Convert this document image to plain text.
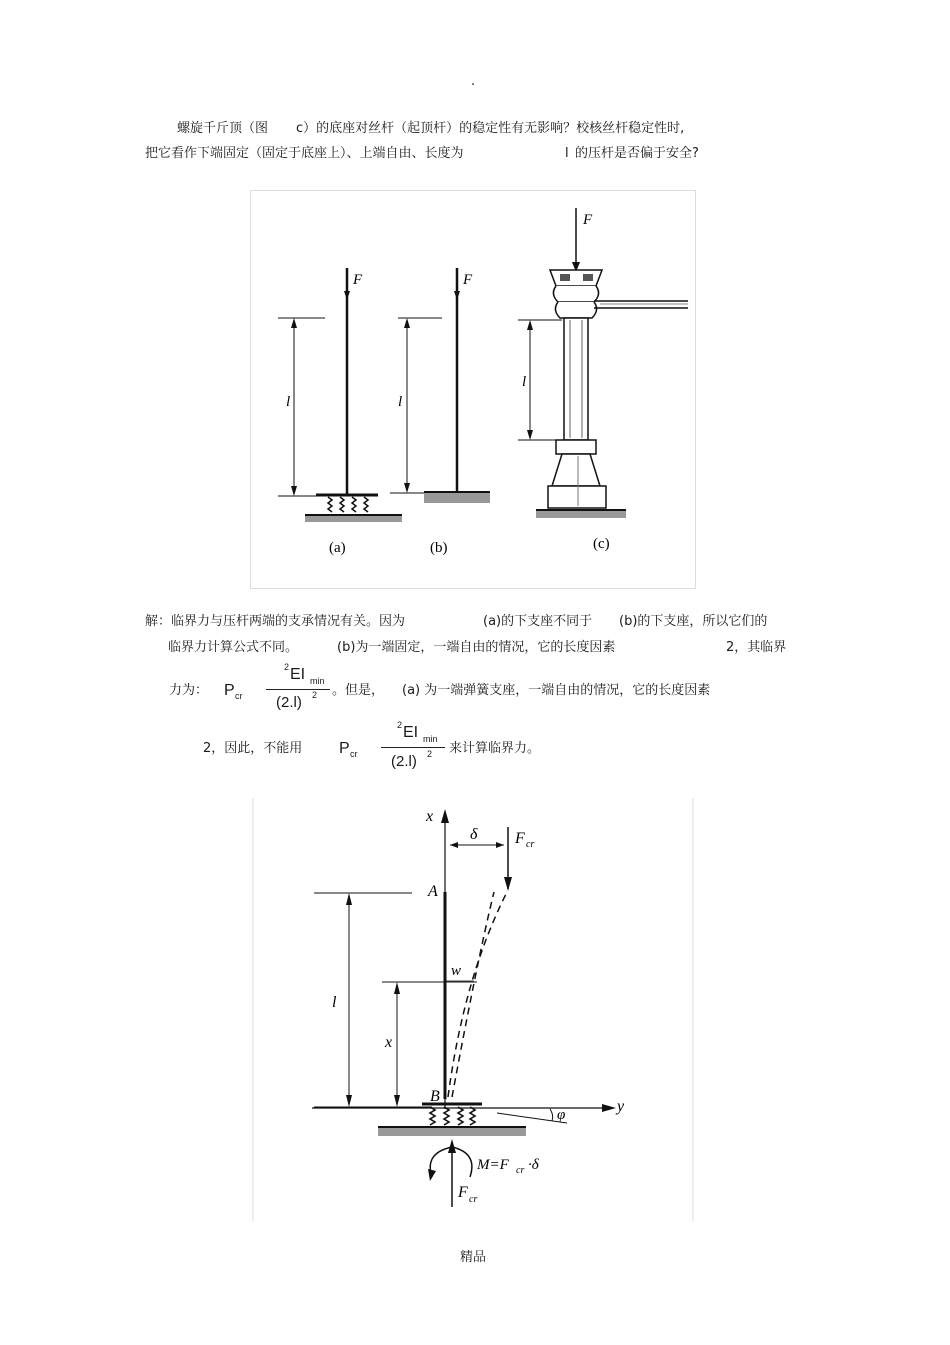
.
螺旋千斤顶（图 c）的底座对丝杆（起顶杆）的稳定性有无影响？校核丝杆稳定性时,
把它看作下端固定（固定于底座上）、上端自由、长度为	l 的压杆是否偏于安全?
F
l
(a)
F
l
(b)
F
l
(c)
解：临界力与压杆两端的支承情况有关。因为	(a)的下支座不同于 (b)的下支座，所以它们的
临界力计算公式不同。	(b)为一端固定，一端自由的情况，它的长度因素	2，其临界
力为： P cr
2 EI min
(2.l) 2 。但是， (a) 为一端弹簧支座，一端自由的情况，它的长度因素
2，因此，不能用 P cr
2 EI min
(2.l) 2 来计算临界力。
x
A
B
δ F cr
l
x
w
y
φ
F cr
M=F cr ·δ
精品
